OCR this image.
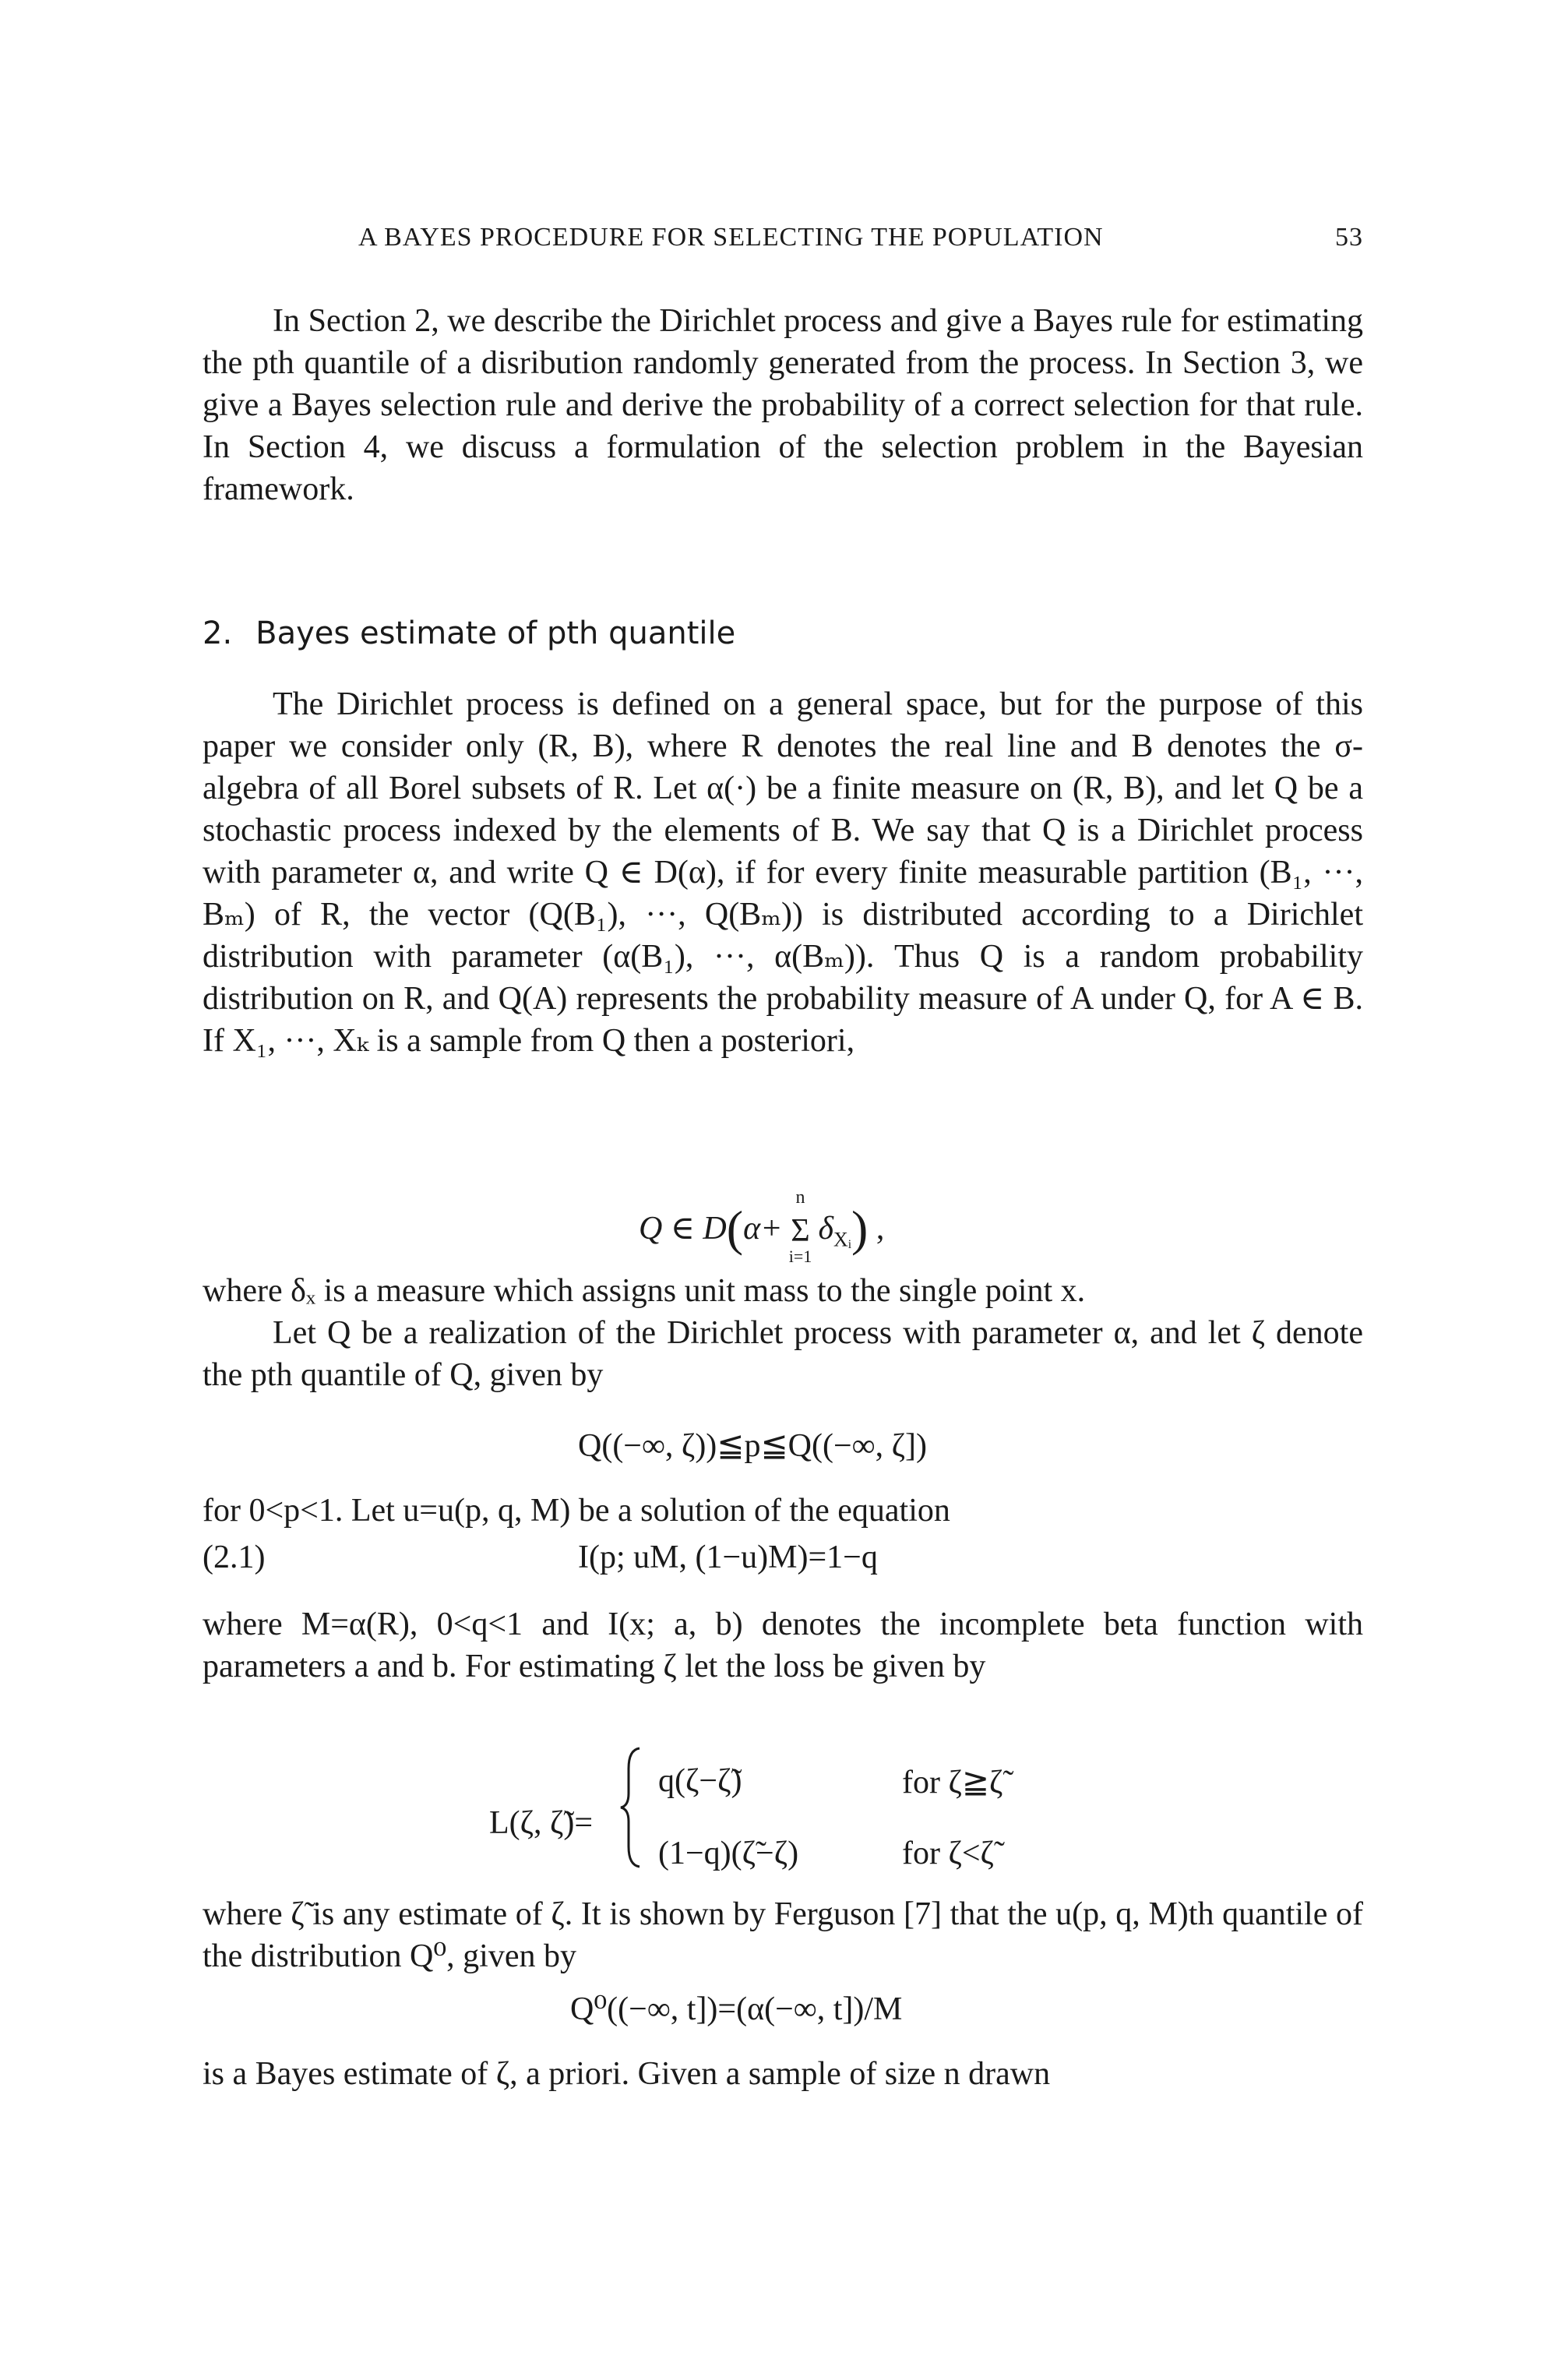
A BAYES PROCEDURE FOR SELECTING THE POPULATION	53

In Section 2, we describe the Dirichlet process and give a Bayes rule for estimating the pth quantile of a disribution randomly generated from the process. In Section 3, we give a Bayes selection rule and derive the probability of a correct selection for that rule. In Section 4, we discuss a formulation of the selection problem in the Bayesian framework.

2. Bayes estimate of pth quantile

The Dirichlet process is defined on a general space, but for the purpose of this paper we consider only (R, B), where R denotes the real line and B denotes the σ-algebra of all Borel subsets of R. Let α(·) be a finite measure on (R, B), and let Q be a stochastic process indexed by the elements of B. We say that Q is a Dirichlet process with parameter α, and write Q ∈ D(α), if for every finite measurable partition (B₁, ···, Bₘ) of R, the vector (Q(B₁), ···, Q(Bₘ)) is distributed according to a Dirichlet distribution with parameter (α(B₁), ···, α(Bₘ)). Thus Q is a random probability distribution on R, and Q(A) represents the probability measure of A under Q, for A ∈ B. If X₁, ···, Xₖ is a sample from Q then a posteriori,

Q ∈ D(α+
n
Σ
i=1
$\delta_{Xᵢ}$) ,

where δₓ is a measure which assigns unit mass to the single point x.

Let Q be a realization of the Dirichlet process with parameter α, and let ζ denote the pth quantile of Q, given by

Q((−∞, ζ))≦p≦Q((−∞, ζ])

for 0<p<1. Let u=u(p, q, M) be a solution of the equation

(2.1)	I(p; uM, (1−u)M)=1−q

where M=α(R), 0<q<1 and I(x; a, b) denotes the incomplete beta function with parameters a and b. For estimating ζ let the loss be given by

L(ζ, ζ̃)=
q(ζ−ζ̃)	for ζ≧ζ̃
(1−q)(ζ̃−ζ)	for ζ<ζ̃

where ζ̃ is any estimate of ζ. It is shown by Ferguson [7] that the u(p, q, M)th quantile of the distribution Q⁰, given by

Q⁰((−∞, t])=(α(−∞, t])/M

is a Bayes estimate of ζ, a priori. Given a sample of size n drawn
